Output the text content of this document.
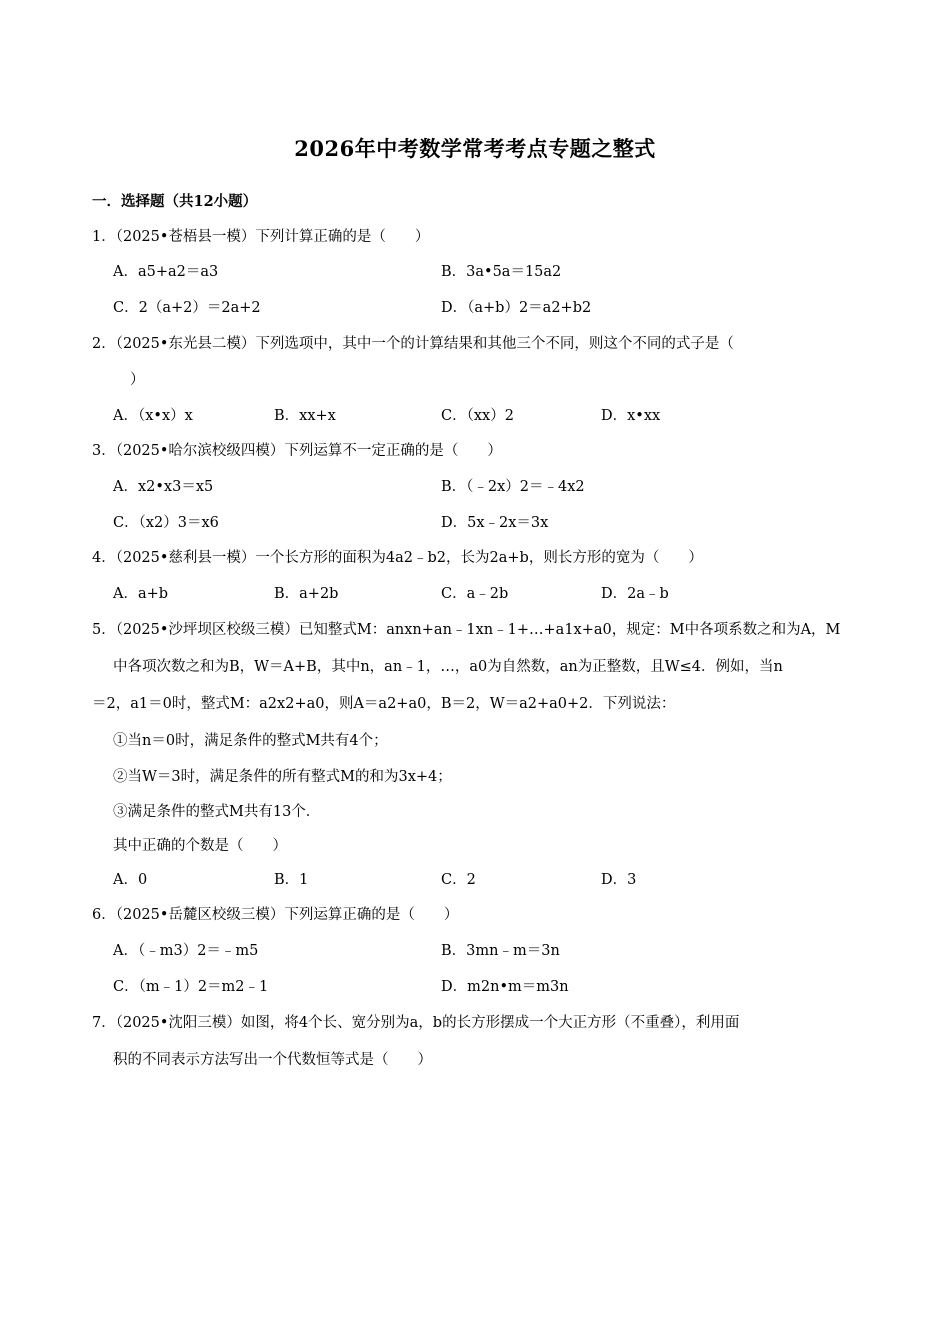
2026年中考数学常考考点专题之整式
一．选择题（共12小题）
1．（2025•苍梧县一模）下列计算正确的是（　　）
A．a5+a2＝a3	B．3a•5a＝15a2
C．2（a+2）＝2a+2	D．（a+b）2＝a2+b2
2．（2025•东光县二模）下列选项中，其中一个的计算结果和其他三个不同，则这个不同的式子是（
）
A．（x•x）x	B．xx+x	C．（xx）2	D．x•xx
3．（2025•哈尔滨校级四模）下列运算不一定正确的是（　　）
A．x2•x3＝x5	B．（﹣2x）2＝﹣4x2
C．（x2）3＝x6	D．5x﹣2x＝3x
4．（2025•慈利县一模）一个长方形的面积为4a2﹣b2，长为2a+b，则长方形的宽为（　　）
A．a+b	B．a+2b	C．a﹣2b	D．2a﹣b
5．（2025•沙坪坝区校级三模）已知整式M：anxn+an﹣1xn﹣1+…+a1x+a0，规定：M中各项系数之和为A，M
中各项次数之和为B，W＝A+B，其中n，an﹣1，…，a0为自然数，an为正整数，且W≤4．例如，当n
＝2，a1＝0时，整式M：a2x2+a0，则A＝a2+a0，B＝2，W＝a2+a0+2．下列说法：
①当n＝0时，满足条件的整式M共有4个；
②当W＝3时，满足条件的所有整式M的和为3x+4；
③满足条件的整式M共有13个．
其中正确的个数是（　　）
A．0	B．1	C．2	D．3
6．（2025•岳麓区校级三模）下列运算正确的是（　　）
A．（﹣m3）2＝﹣m5	B．3mn﹣m＝3n
C．（m﹣1）2＝m2﹣1	D．m2n•m＝m3n
7．（2025•沈阳三模）如图，将4个长、宽分别为a，b的长方形摆成一个大正方形（不重叠），利用面
积的不同表示方法写出一个代数恒等式是（　　）
